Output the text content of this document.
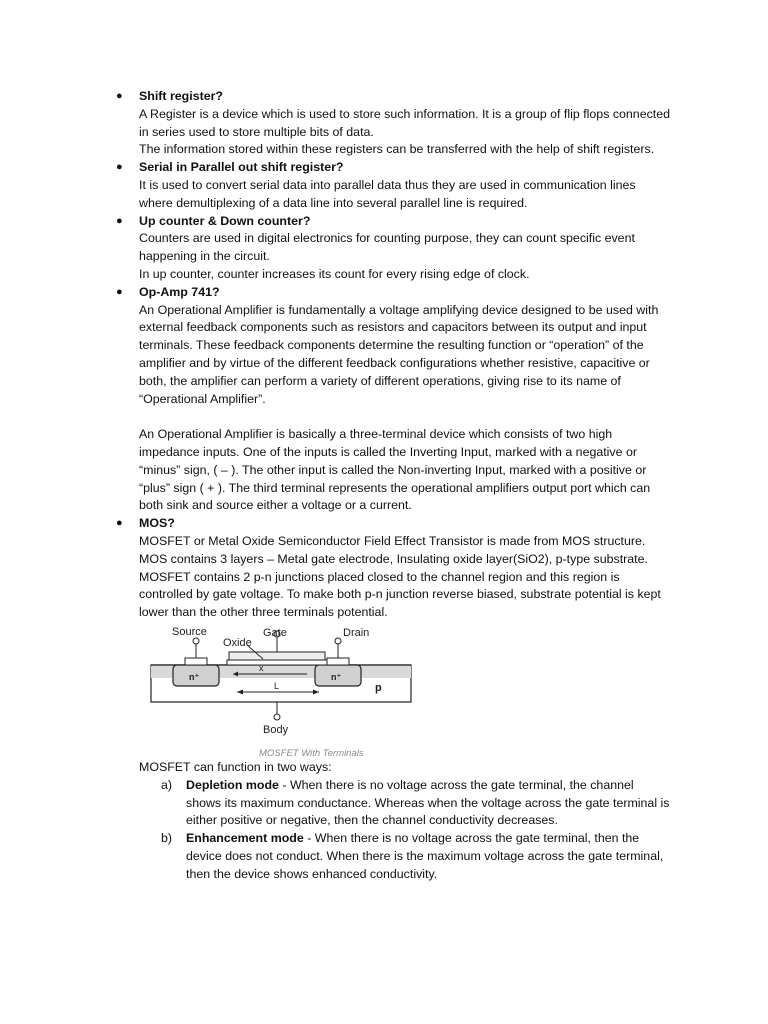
● Shift register?

A Register is a device which is used to store such information. It is a group of flip flops connected in series used to store multiple bits of data.

The information stored within these registers can be transferred with the help of shift registers.

● Serial in Parallel out shift register?

It is used to convert serial data into parallel data thus they are used in communication lines where demultiplexing of a data line into several parallel line is required.

● Up counter & Down counter?

Counters are used in digital electronics for counting purpose, they can count specific event happening in the circuit.

In up counter, counter increases its count for every rising edge of clock.

● Op-Amp 741?

An Operational Amplifier is fundamentally a voltage amplifying device designed to be used with external feedback components such as resistors and capacitors between its output and input terminals. These feedback components determine the resulting function or “operation” of the amplifier and by virtue of the different feedback configurations whether resistive, capacitive or both, the amplifier can perform a variety of different operations, giving rise to its name of “Operational Amplifier”.

An Operational Amplifier is basically a three-terminal device which consists of two high impedance inputs. One of the inputs is called the Inverting Input, marked with a negative or “minus” sign, ( – ). The other input is called the Non-inverting Input, marked with a positive or “plus” sign ( + ). The third terminal represents the operational amplifiers output port which can both sink and source either a voltage or a current.

● MOS?

MOSFET or Metal Oxide Semiconductor Field Effect Transistor is made from MOS structure.

MOS contains 3 layers – Metal gate electrode, Insulating oxide layer(SiO2), p-type substrate.

MOSFET contains 2 p-n junctions placed closed to the channel region and this region is controlled by gate voltage. To make both p-n junction reverse biased, substrate potential is kept lower than the other three terminals potential.

Source	Gate
Oxide
Drain
n⁺	n⁺
x
L	p
Body
MOSFET With Terminals

MOSFET can function in two ways:

a) Depletion mode - When there is no voltage across the gate terminal, the channel shows its maximum conductance. Whereas when the voltage across the gate terminal is either positive or negative, then the channel conductivity decreases.
b) Enhancement mode - When there is no voltage across the gate terminal, then the device does not conduct. When there is the maximum voltage across the gate terminal, then the device shows enhanced conductivity.
